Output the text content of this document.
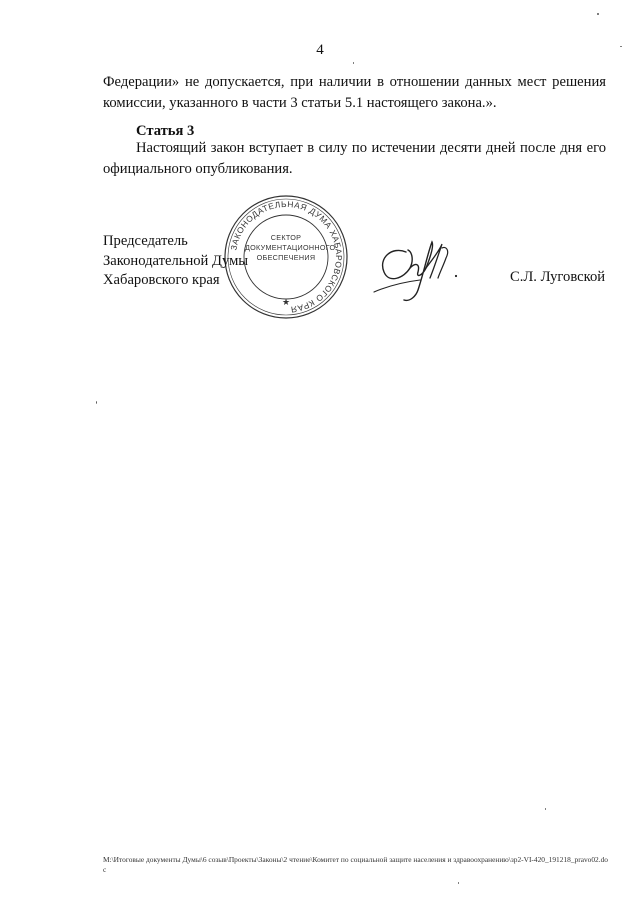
4
Федерации» не допускается, при наличии в отношении данных мест решения комиссии, указанного в части 3 статьи 5.1 настоящего закона.».
Статья 3
Настоящий закон вступает в силу по истечении десяти дней после дня его официального опубликования.
ЗАКОНОДАТЕЛЬНАЯ ДУМА ХАБАРОВСКОГО КРАЯ
★
СЕКТОР
ДОКУМЕНТАЦИОННОГО
ОБЕСПЕЧЕНИЯ
Председатель
Законодательной Думы
Хабаровского края	С.Л. Луговской
M:\Итоговые документы Думы\6 созыв\Проекты\Законы\2 чтение\Комитет по социальной защите населения и здравоохранению\зр2-VI-420_191218_pravo02.doc
